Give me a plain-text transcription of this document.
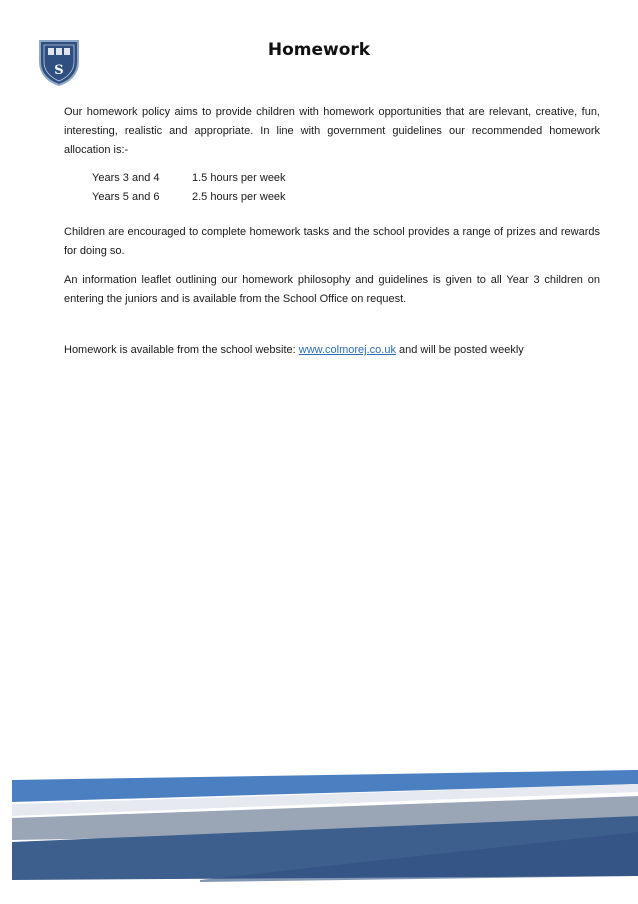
S
Homework

Our homework policy aims to provide children with homework opportunities that are relevant, creative, fun, interesting, realistic and appropriate. In line with government guidelines our recommended homework allocation is:-

Years 3 and 4	1.5 hours per week
Years 5 and 6	2.5 hours per week

Children are encouraged to complete homework tasks and the school provides a range of prizes and rewards for doing so.

An information leaflet outlining our homework philosophy and guidelines is given to all Year 3 children on entering the juniors and is available from the School Office on request.

Homework is available from the school website: www.colmorej.co.uk and will be posted weekly
